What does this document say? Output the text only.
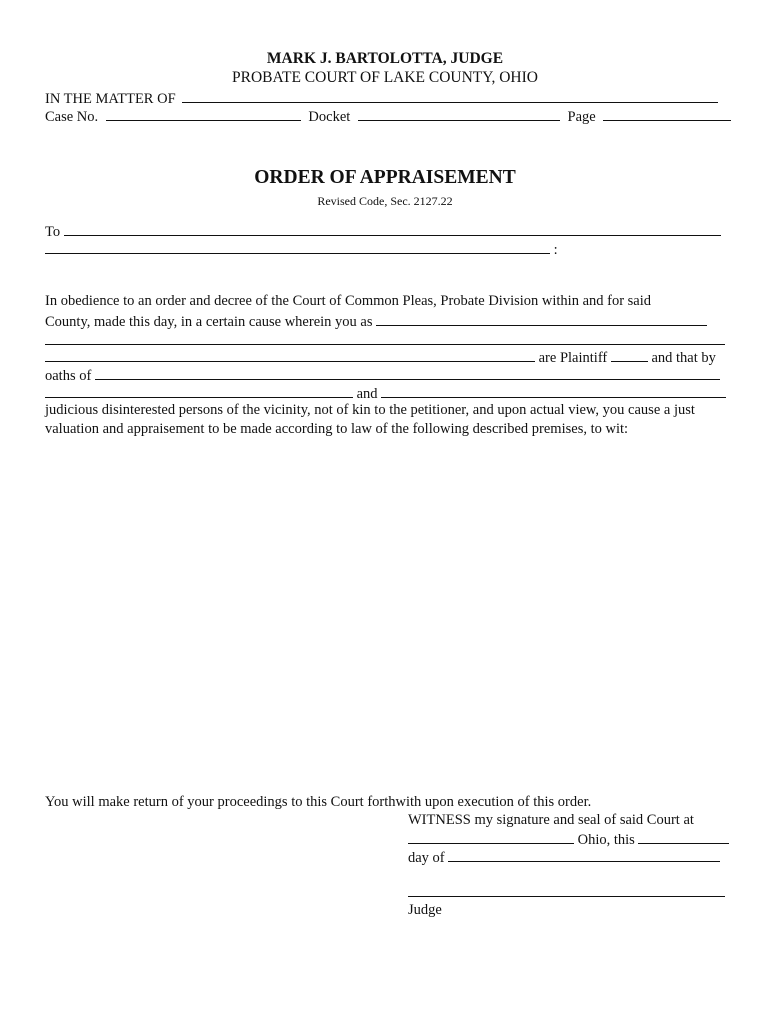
MARK J. BARTOLOTTA, JUDGE
PROBATE COURT OF LAKE COUNTY, OHIO
IN THE MATTER OF
Case No.	Docket	Page
ORDER OF APPRAISEMENT
Revised Code, Sec. 2127.22
To
:
In obedience to an order and decree of the Court of Common Pleas, Probate Division within and for said
County, made this day, in a certain cause wherein you as
are Plaintiff	and that by
oaths of
and
judicious disinterested persons of the vicinity, not of kin to the petitioner, and upon actual view, you cause a just
valuation and appraisement to be made according to law of the following described premises, to wit:
You will make return of your proceedings to this Court forthwith upon execution of this order.
WITNESS my signature and seal of said Court at
Ohio, this
day of
Judge
